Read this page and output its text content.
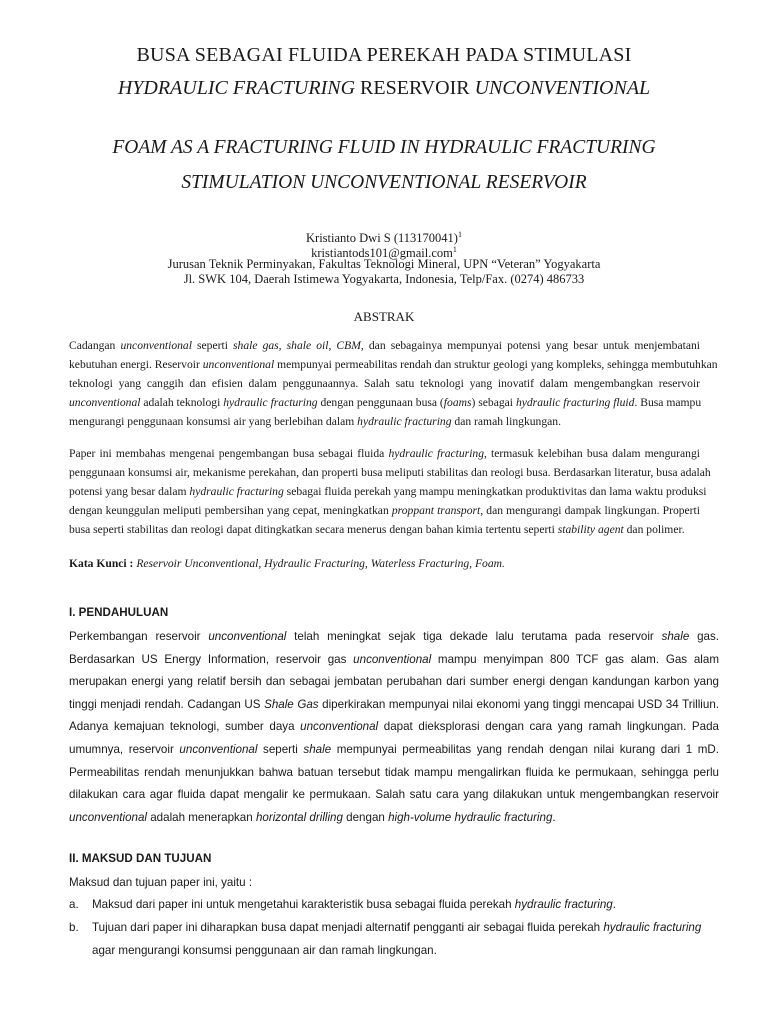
BUSA SEBAGAI FLUIDA PEREKAH PADA STIMULASI
HYDRAULIC FRACTURING RESERVOIR UNCONVENTIONAL
FOAM AS A FRACTURING FLUID IN HYDRAULIC FRACTURING
STIMULATION UNCONVENTIONAL RESERVOIR
Kristianto Dwi S $(113170041)^1$
kristiantods101@gmail.com$^1$
Jurusan Teknik Perminyakan, Fakultas Teknologi Mineral, UPN “Veteran” Yogyakarta
Jl. SWK 104, Daerah Istimewa Yogyakarta, Indonesia, Telp/Fax. (0274) 486733
ABSTRAK
Cadangan unconventional seperti shale gas, shale oil, CBM, dan sebagainya mempunyai potensi yang besar untuk menjembatani
kebutuhan energi. Reservoir unconventional mempunyai permeabilitas rendah dan struktur geologi yang kompleks, sehingga membutuhkan
teknologi yang canggih dan efisien dalam penggunaannya. Salah satu teknologi yang inovatif dalam mengembangkan reservoir
unconventional adalah teknologi hydraulic fracturing dengan penggunaan busa (foams) sebagai hydraulic fracturing fluid. Busa mampu
mengurangi penggunaan konsumsi air yang berlebihan dalam hydraulic fracturing dan ramah lingkungan.
Paper ini membahas mengenai pengembangan busa sebagai fluida hydraulic fracturing, termasuk kelebihan busa dalam mengurangi
penggunaan konsumsi air, mekanisme perekahan, dan properti busa meliputi stabilitas dan reologi busa. Berdasarkan literatur, busa adalah
potensi yang besar dalam hydraulic fracturing sebagai fluida perekah yang mampu meningkatkan produktivitas dan lama waktu produksi
dengan keunggulan meliputi pembersihan yang cepat, meningkatkan proppant transport, dan mengurangi dampak lingkungan. Properti
busa seperti stabilitas dan reologi dapat ditingkatkan secara menerus dengan bahan kimia tertentu seperti stability agent dan polimer.
Kata Kunci : Reservoir Unconventional, Hydraulic Fracturing, Waterless Fracturing, Foam.
I. PENDAHULUAN
Perkembangan reservoir unconventional telah meningkat sejak tiga dekade lalu terutama pada reservoir shale gas.
Berdasarkan US Energy Information, reservoir gas unconventional mampu menyimpan 800 TCF gas alam. Gas alam
merupakan energi yang relatif bersih dan sebagai jembatan perubahan dari sumber energi dengan kandungan karbon yang
tinggi menjadi rendah. Cadangan US Shale Gas diperkirakan mempunyai nilai ekonomi yang tinggi mencapai USD 34 Trilliun.
Adanya kemajuan teknologi, sumber daya unconventional dapat dieksplorasi dengan cara yang ramah lingkungan. Pada
umumnya, reservoir unconventional seperti shale mempunyai permeabilitas yang rendah dengan nilai kurang dari 1 mD.
Permeabilitas rendah menunjukkan bahwa batuan tersebut tidak mampu mengalirkan fluida ke permukaan, sehingga perlu
dilakukan cara agar fluida dapat mengalir ke permukaan. Salah satu cara yang dilakukan untuk mengembangkan reservoir
unconventional adalah menerapkan horizontal drilling dengan high-volume hydraulic fracturing.
II. MAKSUD DAN TUJUAN
Maksud dan tujuan paper ini, yaitu :
a. Maksud dari paper ini untuk mengetahui karakteristik busa sebagai fluida perekah hydraulic fracturing.
b. Tujuan dari paper ini diharapkan busa dapat menjadi alternatif pengganti air sebagai fluida perekah hydraulic fracturing
agar mengurangi konsumsi penggunaan air dan ramah lingkungan.
